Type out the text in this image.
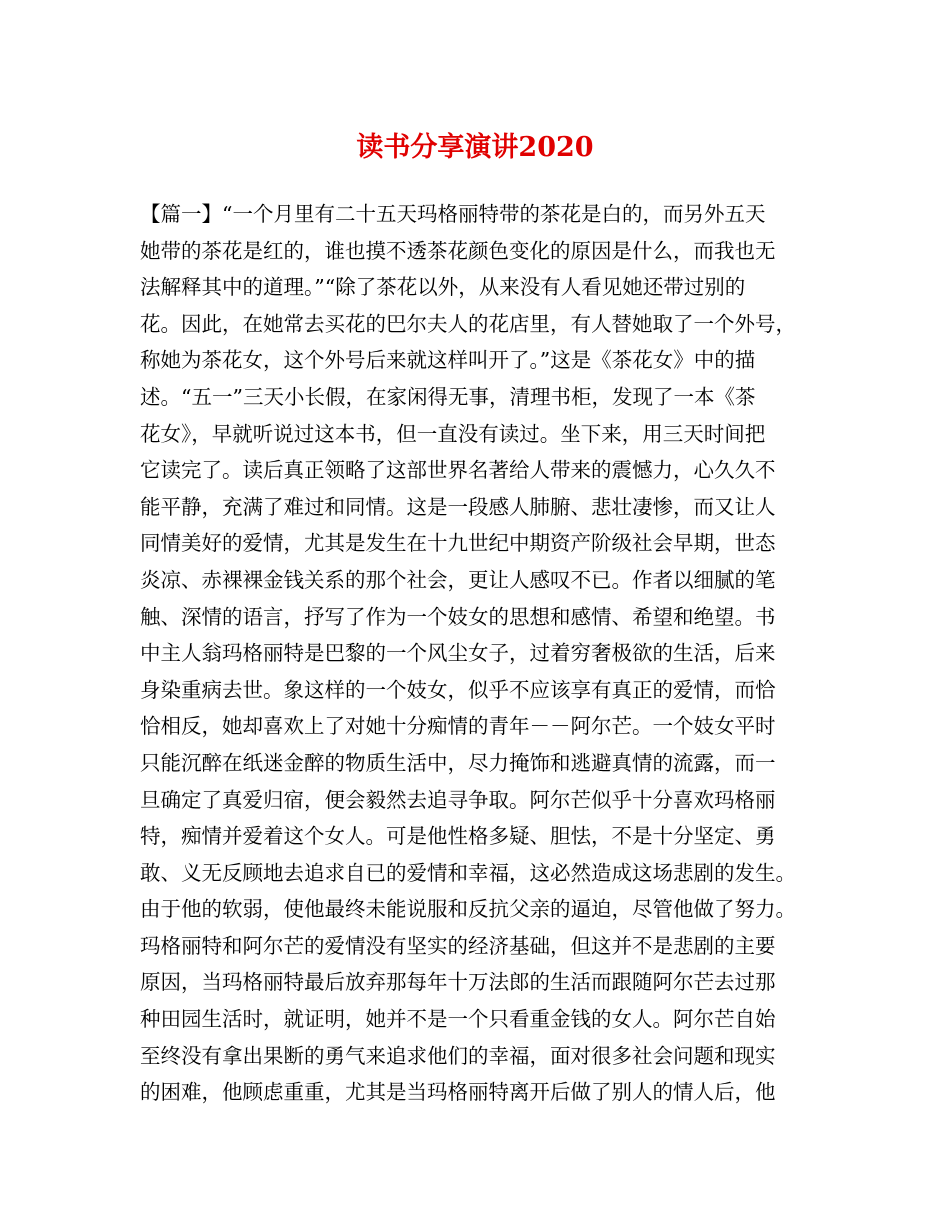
读书分享演讲2020
【篇一】“一个月里有二十五天玛格丽特带的茶花是白的，而另外五天
她带的茶花是红的，谁也摸不透茶花颜色变化的原因是什么，而我也无
法解释其中的道理。”“除了茶花以外，从来没有人看见她还带过别的
花。因此，在她常去买花的巴尔夫人的花店里，有人替她取了一个外号，
称她为茶花女，这个外号后来就这样叫开了。”这是《茶花女》中的描
述。“五一”三天小长假，在家闲得无事，清理书柜，发现了一本《茶
花女》，早就听说过这本书，但一直没有读过。坐下来，用三天时间把
它读完了。读后真正领略了这部世界名著给人带来的震憾力，心久久不
能平静，充满了难过和同情。这是一段感人肺腑、悲壮凄惨，而又让人
同情美好的爱情，尤其是发生在十九世纪中期资产阶级社会早期，世态
炎凉、赤裸裸金钱关系的那个社会，更让人感叹不已。作者以细腻的笔
触、深情的语言，抒写了作为一个妓女的思想和感情、希望和绝望。书
中主人翁玛格丽特是巴黎的一个风尘女子，过着穷奢极欲的生活，后来
身染重病去世。象这样的一个妓女，似乎不应该享有真正的爱情，而恰
恰相反，她却喜欢上了对她十分痴情的青年－－阿尔芒。一个妓女平时
只能沉醉在纸迷金醉的物质生活中，尽力掩饰和逃避真情的流露，而一
旦确定了真爱归宿，便会毅然去追寻争取。阿尔芒似乎十分喜欢玛格丽
特，痴情并爱着这个女人。可是他性格多疑、胆怯，不是十分坚定、勇
敢、义无反顾地去追求自已的爱情和幸福，这必然造成这场悲剧的发生。
由于他的软弱，使他最终未能说服和反抗父亲的逼迫，尽管他做了努力。
玛格丽特和阿尔芒的爱情没有坚实的经济基础，但这并不是悲剧的主要
原因，当玛格丽特最后放弃那每年十万法郎的生活而跟随阿尔芒去过那
种田园生活时，就证明，她并不是一个只看重金钱的女人。阿尔芒自始
至终没有拿出果断的勇气来追求他们的幸福，面对很多社会问题和现实
的困难，他顾虑重重，尤其是当玛格丽特离开后做了别人的情人后，他
